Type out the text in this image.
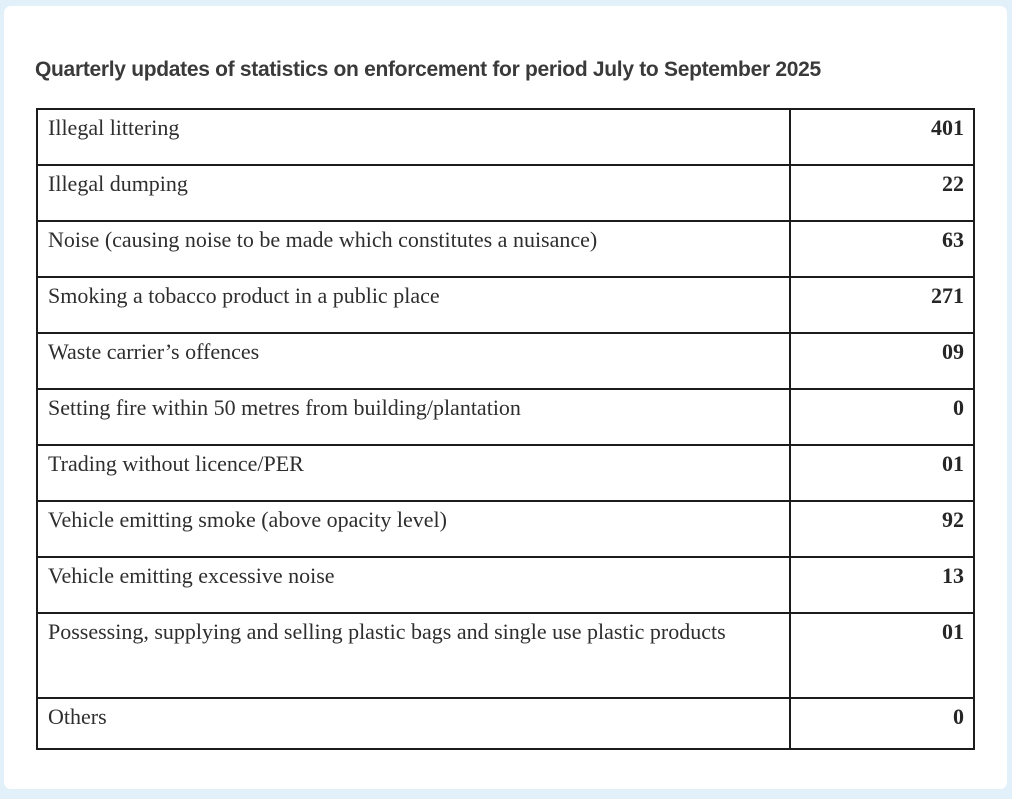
Quarterly updates of statistics on enforcement for period July to September 2025
Illegal littering	401
Illegal dumping	22
Noise (causing noise to be made which constitutes a nuisance)	63
Smoking a tobacco product in a public place	271
Waste carrier’s offences	09
Setting fire within 50 metres from building/plantation	0
Trading without licence/PER	01
Vehicle emitting smoke (above opacity level)	92
Vehicle emitting excessive noise	13
Possessing, supplying and selling plastic bags and single use plastic products	01
Others	0
